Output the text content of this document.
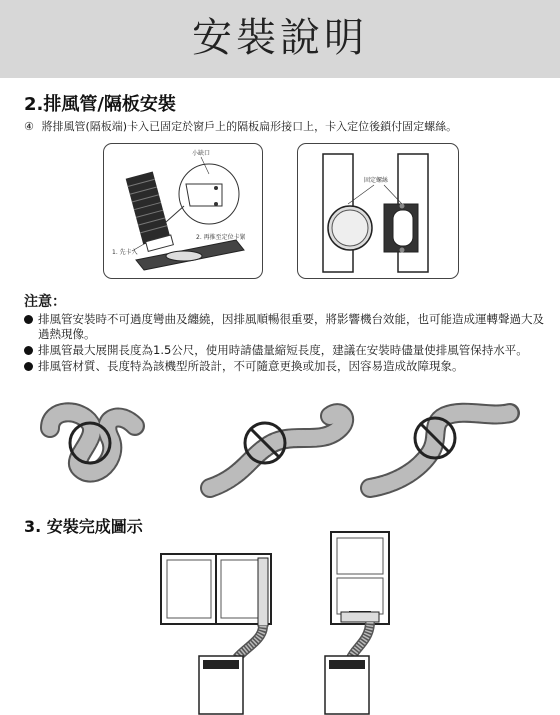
安裝說明
2.排風管/隔板安裝
④ 將排風管(隔板端)卡入已固定於窗戶上的隔板扁形接口上，卡入定位後鎖付固定螺絲。
小缺口
2. 再推至定位卡緊
1. 先卡入
固定螺絲
注意：
排風管安裝時不可過度彎曲及纏繞，因排風順暢很重要，將影響機台效能，也可能造成運轉聲過大及過熱現像。
排風管最大展開長度為1.5公尺，使用時請儘量縮短長度，建議在安裝時儘量使排風管保持水平。
排風管材質、長度特為該機型所設計，不可隨意更換或加長，因容易造成故障現象。
3. 安裝完成圖示
